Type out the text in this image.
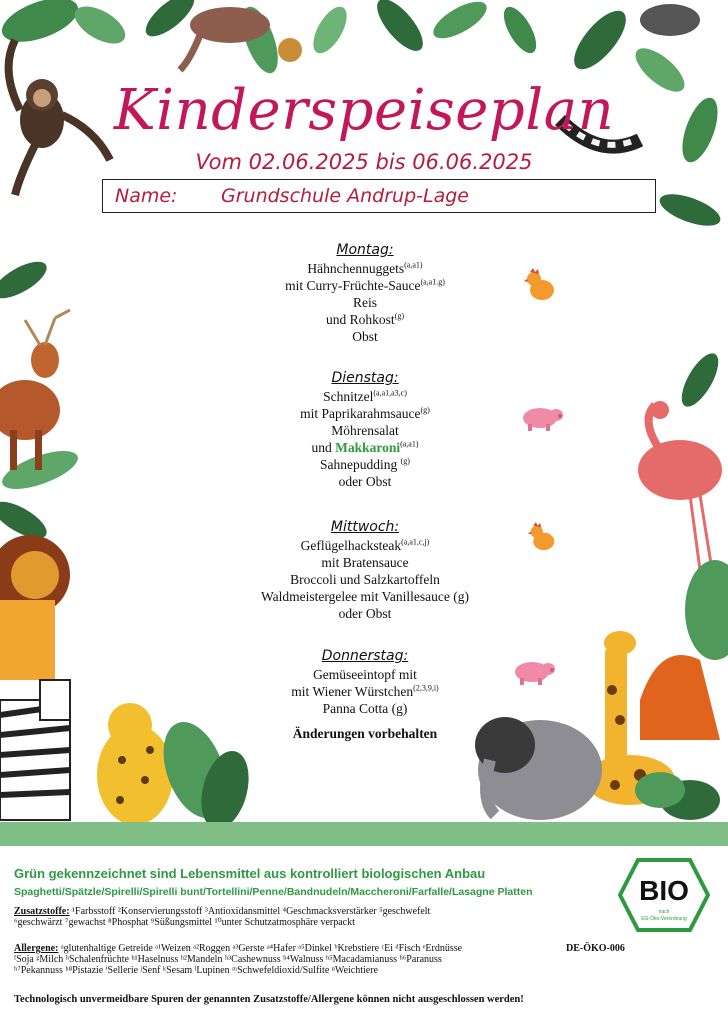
Kinderspeiseplan
Vom 02.06.2025 bis 06.06.2025
Name: Grundschule Andrup-Lage
Montag:
Hähnchennuggets$^{(a,a1)}$
mit Curry-Früchte-Sauce$^{(a,a1.g)}$
Reis
und Rohkost$^{(g)}$
Obst
Dienstag:
Schnitzel$^{(a,a1,a3,c)}$
mit Paprikarahmsauce$^{(g)}$
Möhrensalat
und Makkaroni$^{(a,a1)}$
Sahnepudding $^{(g)}$
oder Obst
Mittwoch:
Geflügelhacksteak$^{(a,a1,c,j)}$
mit Bratensauce
Broccoli und Salzkartoffeln
Waldmeistergelee mit Vanillesauce (g)
oder Obst
Donnerstag:
Gemüseeintopf mit
mit Wiener Würstchen$^{(2,3,9,i)}$
Panna Cotta (g)
Änderungen vorbehalten
Grün gekennzeichnet sind Lebensmittel aus kontrolliert biologischen Anbau
Spaghetti/Spätzle/Spirelli/Spirelli bunt/Tortellini/Penne/Bandnudeln/Maccheroni/Farfalle/Lasagne Platten
Zusatzstoffe: ¹Farbsstoff ²Konservierungsstoff ³Antioxidansmittel ⁴Geschmacksverstärker ⁵geschwefelt
⁶geschwärzt ⁷gewachst ⁸Phosphat ⁹Süßungsmittel ¹⁰unter Schutzatmosphäre verpackt
Allergene: ᵃglutenhaltige Getreide ᵃ¹Weizen ᵃ²Roggen ᵃ³Gerste ᵃ⁴Hafer ᵃ⁵Dinkel ᵇKrebstiere ᶜEi ᵈFisch ᵉErdnüsse
ᶠSoja ᵍMilch ʰSchalenfrüchte ʰ¹Haselnuss ʰ²Mandeln ʰ³Cashewnuss ʰ⁴Walnuss ʰ⁵Macadamianuss ʰ⁶Paranuss
ʰ⁷Pekannuss ʰ⁸Pistazie ⁱSellerie ʲSenf ᵏSesam ˡLupinen ᵐSchwefeldioxid/Sulfite ⁿWeichtiere
DE-ÖKO-006
BIO
nach
EG-Öko-Verordnung
Technologisch unvermeidbare Spuren der genannten Zusatzstoffe/Allergene können nicht ausgeschlossen werden!
